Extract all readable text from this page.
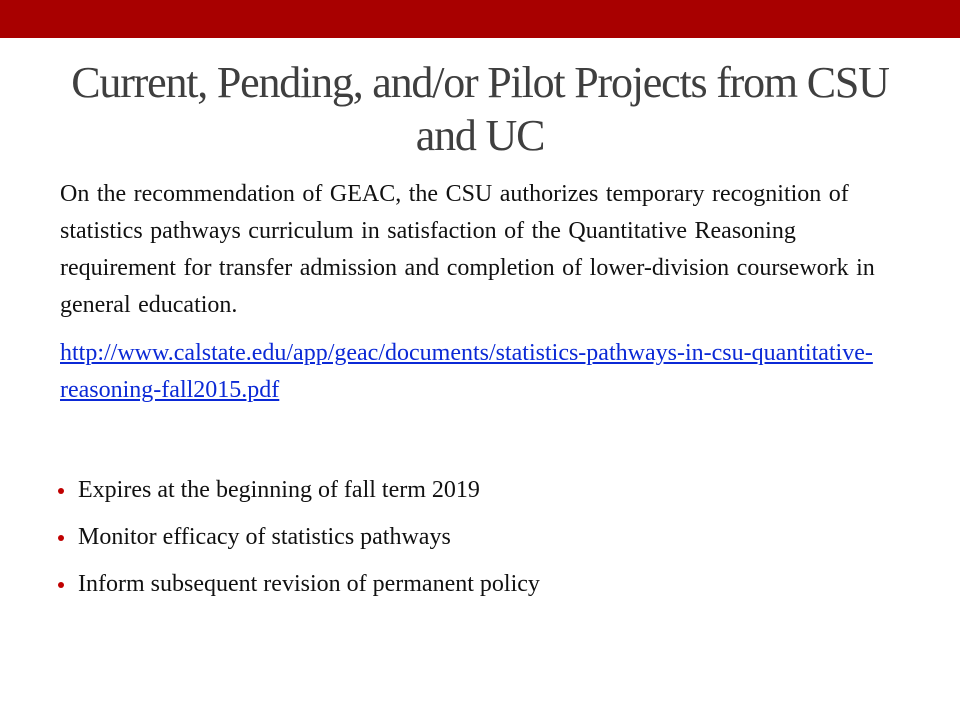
Current, Pending, and/or Pilot Projects from CSU and UC

On the recommendation of GEAC, the CSU authorizes temporary recognition of statistics pathways curriculum in satisfaction of the Quantitative Reasoning requirement for transfer admission and completion of lower-division coursework in general education.

http://www.calstate.edu/app/geac/documents/statistics-pathways-in-csu-quantitative-reasoning-fall2015.pdf

Expires at the beginning of fall term 2019
Monitor efficacy of statistics pathways
Inform subsequent revision of permanent policy
